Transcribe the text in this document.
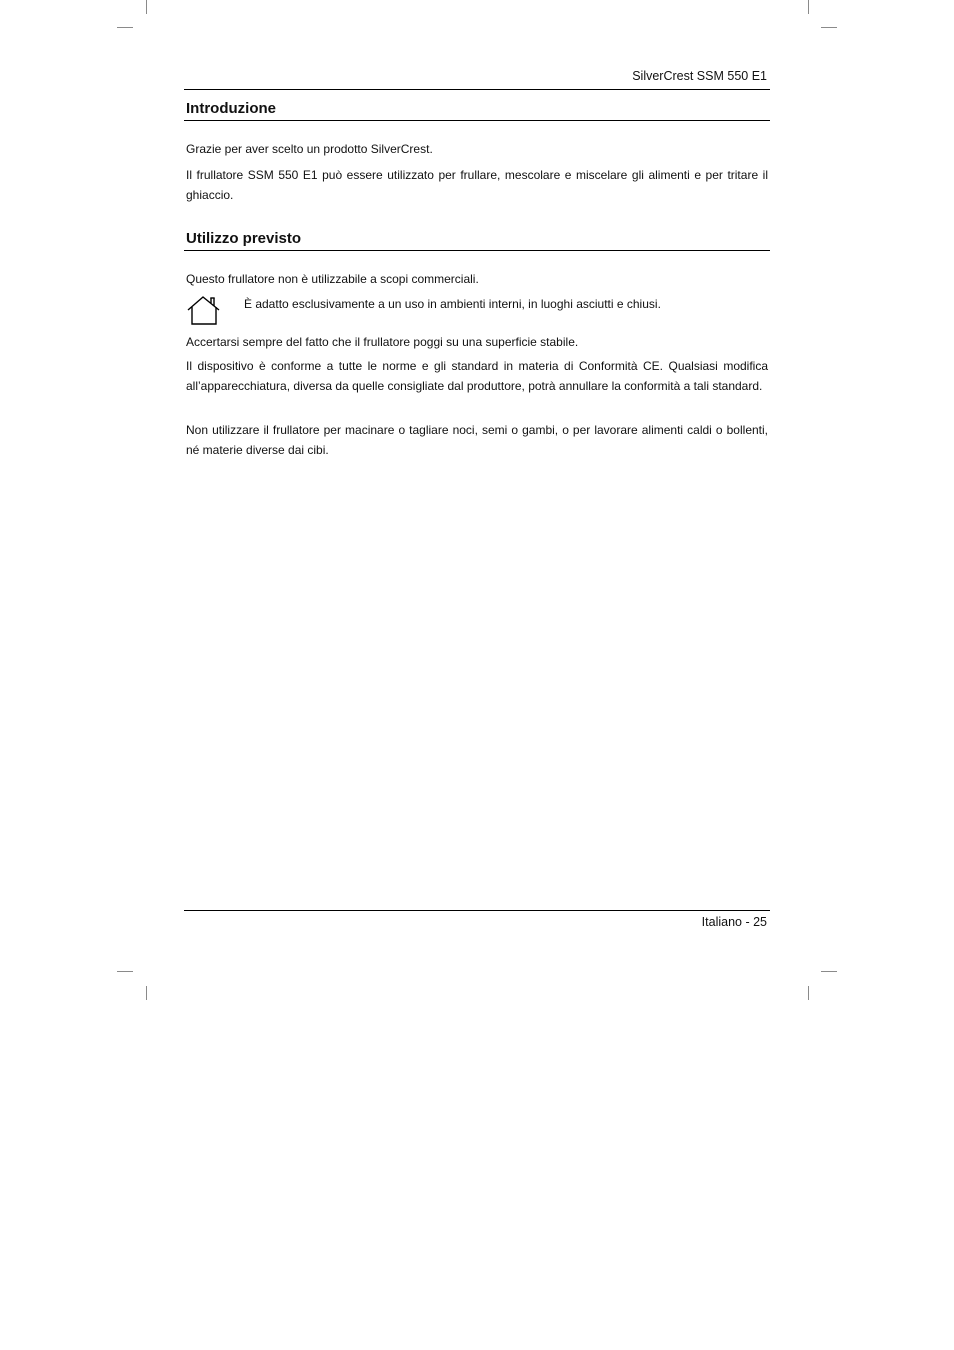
SilverCrest SSM 550 E1
Introduzione

Grazie per aver scelto un prodotto SilverCrest.

Il frullatore SSM 550 E1 può essere utilizzato per frullare, mescolare e miscelare gli alimenti e per tritare il ghiaccio.

Utilizzo previsto

Questo frullatore non è utilizzabile a scopi commerciali.

È adatto esclusivamente a un uso in ambienti interni, in luoghi asciutti e chiusi.

Accertarsi sempre del fatto che il frullatore poggi su una superficie stabile.

Il dispositivo è conforme a tutte le norme e gli standard in materia di Conformità CE. Qualsiasi modifica all’apparecchiatura, diversa da quelle consigliate dal produttore, potrà annullare la conformità a tali standard.

Non utilizzare il frullatore per macinare o tagliare noci, semi o gambi, o per lavorare alimenti caldi o bollenti, né materie diverse dai cibi.

Italiano - 25
